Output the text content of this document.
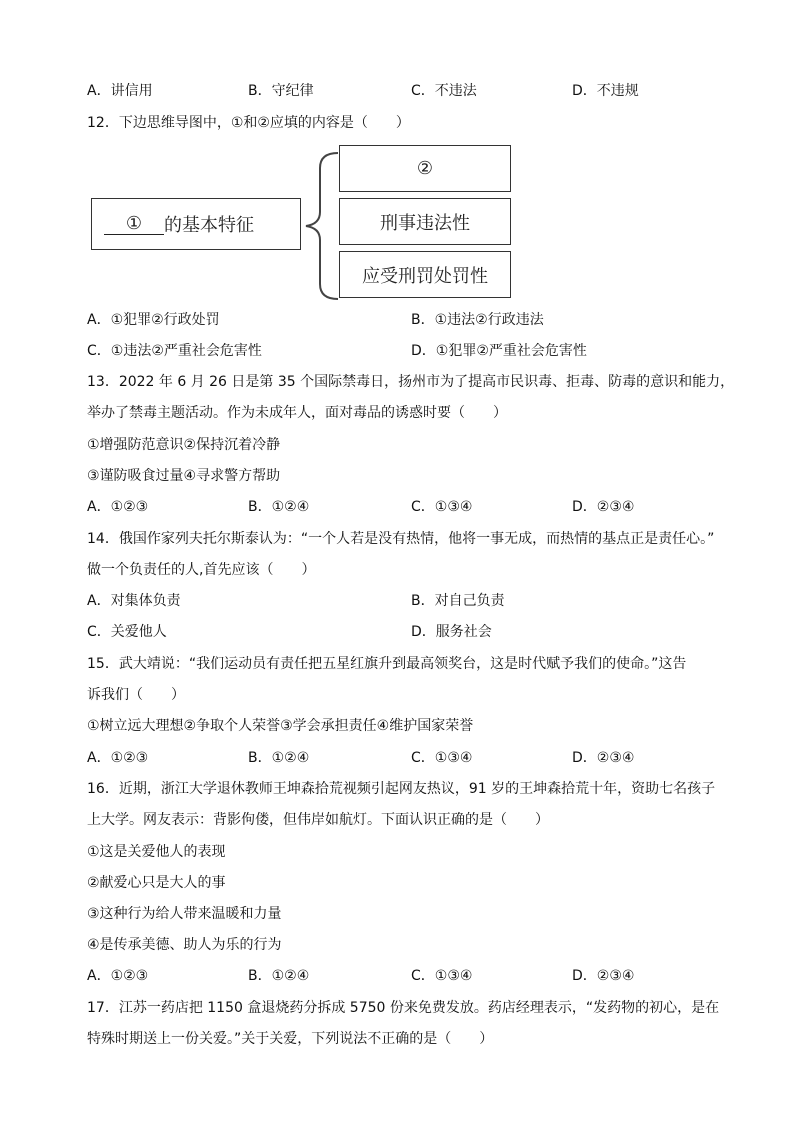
A．讲信用	B．守纪律	C．不违法	D．不违规
12．下边思维导图中，①和②应填的内容是（　　）
①	的基本特征
②
刑事违法性
应受刑罚处罚性
A．①犯罪②行政处罚	B．①违法②行政违法
C．①违法②严重社会危害性	D．①犯罪②严重社会危害性
13．2022 年 6 月 26 日是第 35 个国际禁毒日，扬州市为了提高市民识毒、拒毒、防毒的意识和能力，
举办了禁毒主题活动。作为未成年人，面对毒品的诱惑时要（　　）
①增强防范意识②保持沉着冷静
③谨防吸食过量④寻求警方帮助
A．①②③	B．①②④	C．①③④	D．②③④
14．俄国作家列夫托尔斯泰认为：“一个人若是没有热情，他将一事无成，而热情的基点正是责任心。”
做一个负责任的人,首先应该（　　）
A．对集体负责	B．对自己负责
C．关爱他人	D．服务社会
15．武大靖说：“我们运动员有责任把五星红旗升到最高领奖台，这是时代赋予我们的使命。”这告
诉我们（　　）
①树立远大理想②争取个人荣誉③学会承担责任④维护国家荣誉
A．①②③	B．①②④	C．①③④	D．②③④
16．近期，浙江大学退休教师王坤森拾荒视频引起网友热议，91 岁的王坤森拾荒十年，资助七名孩子
上大学。网友表示：背影佝偻，但伟岸如航灯。下面认识正确的是（　　）
①这是关爱他人的表现
②献爱心只是大人的事
③这种行为给人带来温暖和力量
④是传承美德、助人为乐的行为
A．①②③	B．①②④	C．①③④	D．②③④
17．江苏一药店把 1150 盒退烧药分拆成 5750 份来免费发放。药店经理表示，“发药物的初心，是在
特殊时期送上一份关爱。”关于关爱，下列说法不正确的是（　　）
